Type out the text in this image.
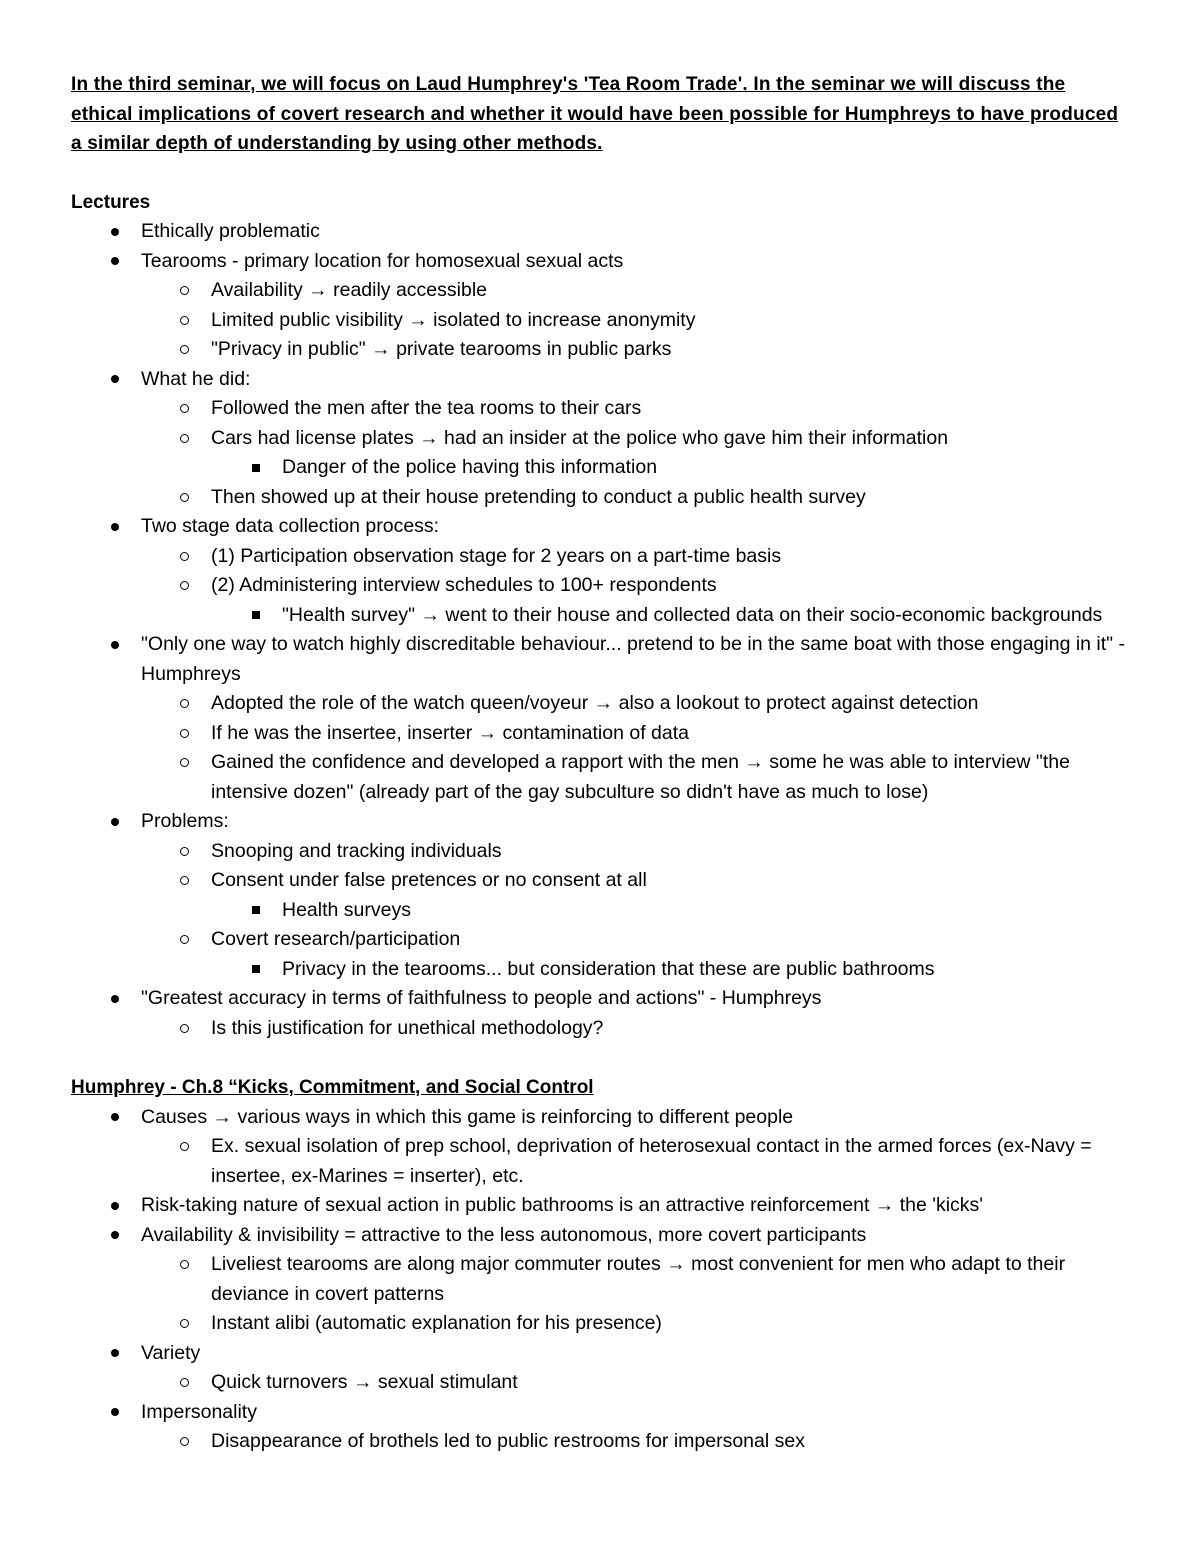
In the third seminar, we will focus on Laud Humphrey's 'Tea Room Trade'. In the seminar we will discuss the ethical implications of covert research and whether it would have been possible for Humphreys to have produced a similar depth of understanding by using other methods.

Lectures

Ethically problematic
Tearooms - primary location for homosexual sexual acts
Availability → readily accessible
Limited public visibility → isolated to increase anonymity
"Privacy in public" → private tearooms in public parks
What he did:
Followed the men after the tea rooms to their cars
Cars had license plates → had an insider at the police who gave him their information
Danger of the police having this information
Then showed up at their house pretending to conduct a public health survey
Two stage data collection process:
(1) Participation observation stage for 2 years on a part-time basis
(2) Administering interview schedules to 100+ respondents
"Health survey" → went to their house and collected data on their socio-economic backgrounds
"Only one way to watch highly discreditable behaviour... pretend to be in the same boat with those engaging in it" - Humphreys
Adopted the role of the watch queen/voyeur → also a lookout to protect against detection
If he was the insertee, inserter → contamination of data
Gained the confidence and developed a rapport with the men → some he was able to interview "the intensive dozen" (already part of the gay subculture so didn't have as much to lose)
Problems:
Snooping and tracking individuals
Consent under false pretences or no consent at all
Health surveys
Covert research/participation
Privacy in the tearooms... but consideration that these are public bathrooms
"Greatest accuracy in terms of faithfulness to people and actions" - Humphreys
Is this justification for unethical methodology?

Humphrey - Ch.8 “Kicks, Commitment, and Social Control

Causes → various ways in which this game is reinforcing to different people
Ex. sexual isolation of prep school, deprivation of heterosexual contact in the armed forces (ex-Navy = insertee, ex-Marines = inserter), etc.
Risk-taking nature of sexual action in public bathrooms is an attractive reinforcement → the 'kicks'
Availability & invisibility = attractive to the less autonomous, more covert participants
Liveliest tearooms are along major commuter routes → most convenient for men who adapt to their deviance in covert patterns
Instant alibi (automatic explanation for his presence)
Variety
Quick turnovers → sexual stimulant
Impersonality
Disappearance of brothels led to public restrooms for impersonal sex
